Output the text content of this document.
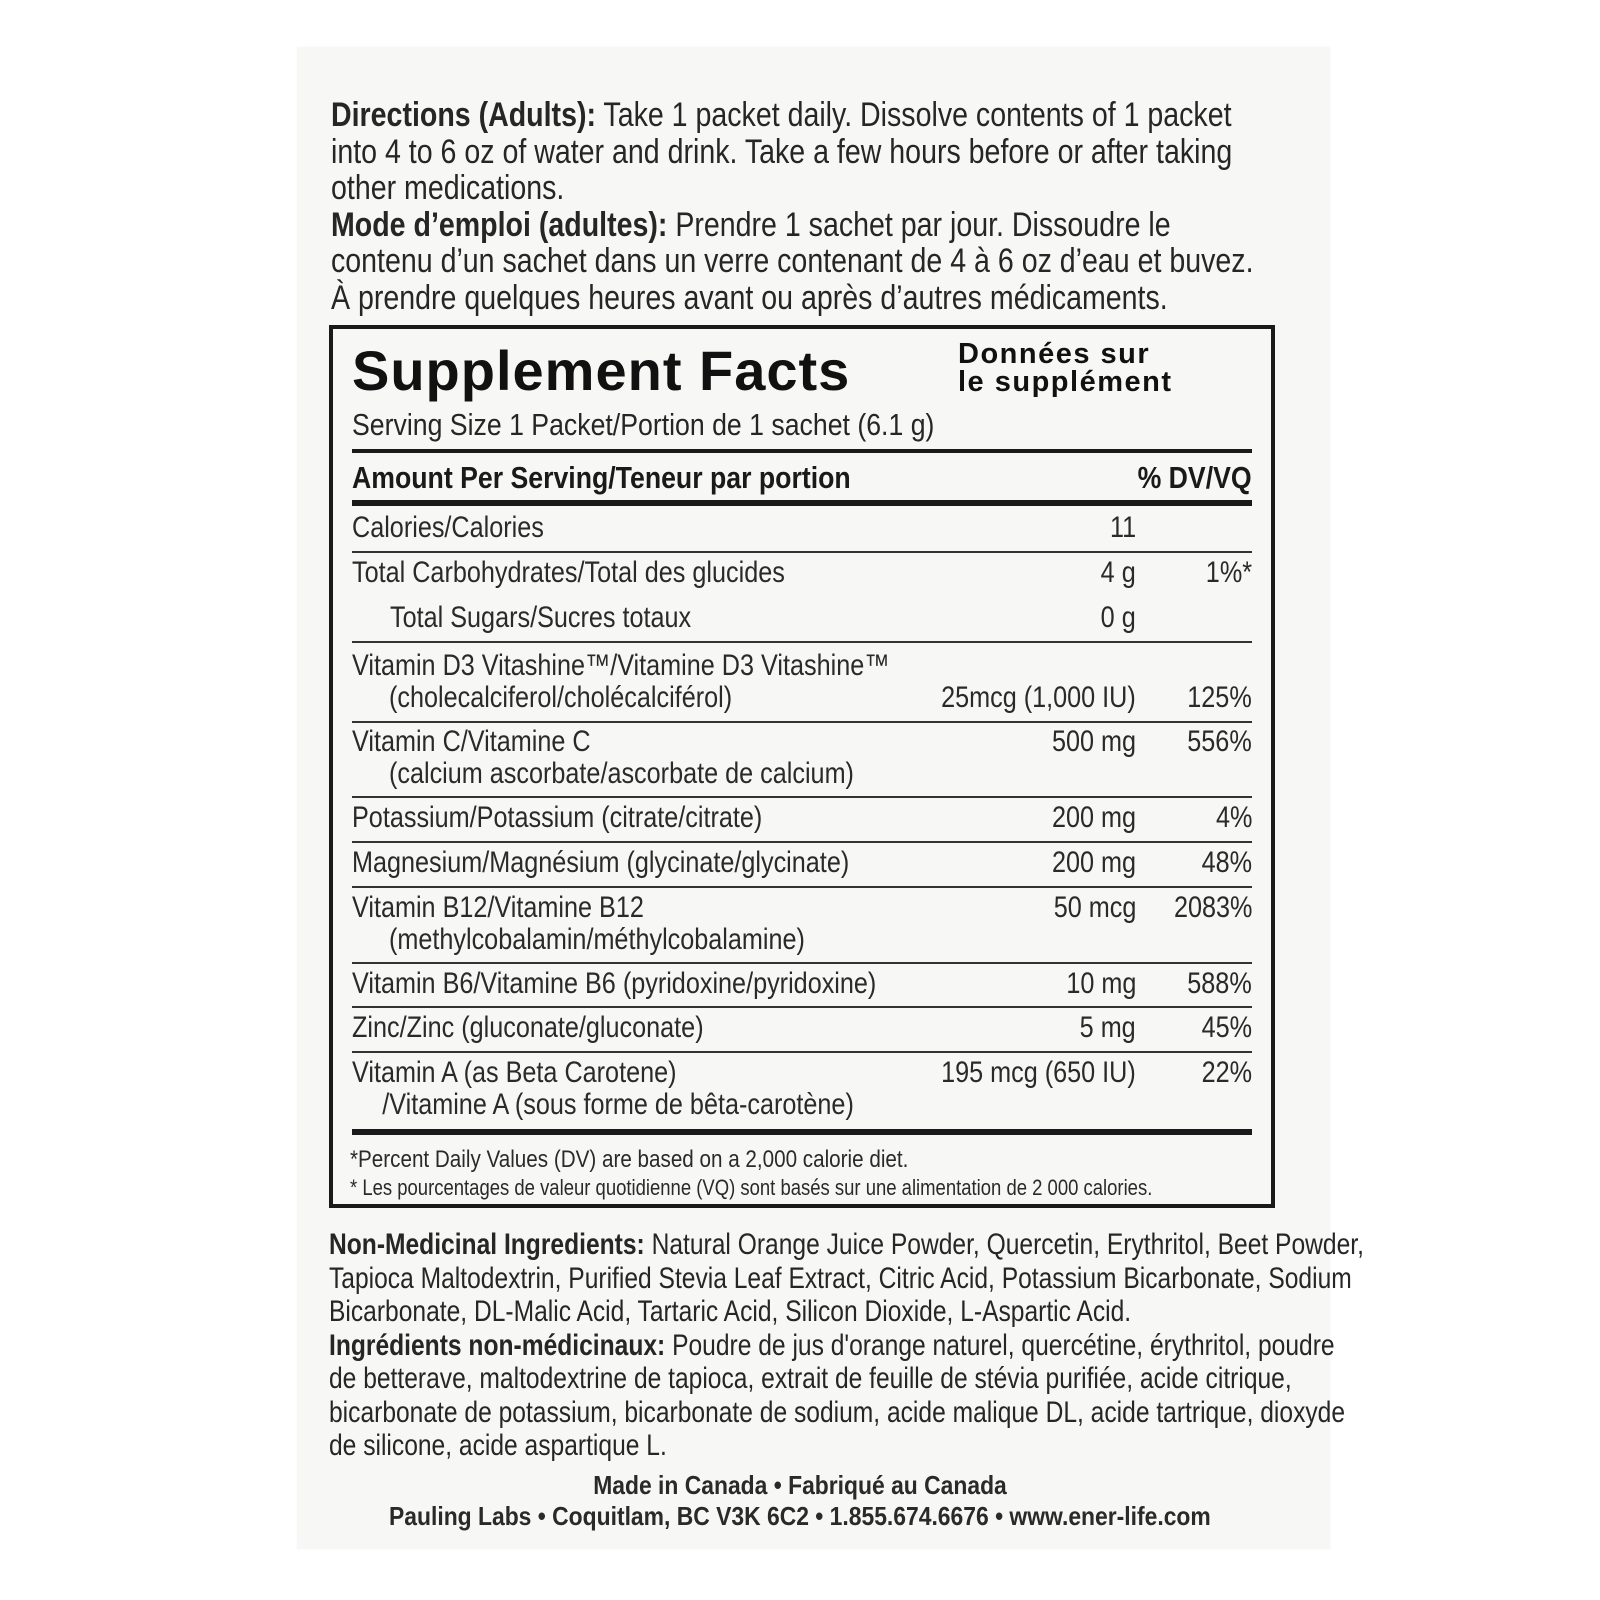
Directions (Adults): Take 1 packet daily. Dissolve contents of 1 packet
into 4 to 6 oz of water and drink. Take a few hours before or after taking
other medications.
Mode d’emploi (adultes): Prendre 1 sachet par jour. Dissoudre le
contenu d’un sachet dans un verre contenant de 4 à 6 oz d’eau et buvez.
À prendre quelques heures avant ou après d’autres médicaments.
Supplement Facts	Données sur
le supplément
Serving Size 1 Packet/Portion de 1 sachet (6.1 g)
Amount Per Serving/Teneur par portion	% DV/VQ
Calories/Calories	11
Total Carbohydrates/Total des glucides	4 g 1%*
Total Sugars/Sucres totaux	0 g
Vitamin D3 Vitashine™/Vitamine D3 Vitashine™
(cholecalciferol/cholécalciférol)	25mcg (1,000 IU) 125%
Vitamin C/Vitamine C
(calcium ascorbate/ascorbate de calcium)
500 mg 556%
Potassium/Potassium (citrate/citrate)	200 mg	4%
Magnesium/Magnésium (glycinate/glycinate)	200 mg 48%
Vitamin B12/Vitamine B12
(methylcobalamin/méthylcobalamine)
50 mcg 2083%
Vitamin B6/Vitamine B6 (pyridoxine/pyridoxine)	10 mg 588%
Zinc/Zinc (gluconate/gluconate)	5 mg 45%
Vitamin A (as Beta Carotene)
/Vitamine A (sous forme de bêta-carotène)
195 mcg (650 IU) 22%
*Percent Daily Values (DV) are based on a 2,000 calorie diet.
* Les pourcentages de valeur quotidienne (VQ) sont basés sur une alimentation de 2 000 calories.
Non-Medicinal Ingredients: Natural Orange Juice Powder, Quercetin, Erythritol, Beet Powder,
Tapioca Maltodextrin, Purified Stevia Leaf Extract, Citric Acid, Potassium Bicarbonate, Sodium
Bicarbonate, DL-Malic Acid, Tartaric Acid, Silicon Dioxide, L-Aspartic Acid.
Ingrédients non-médicinaux: Poudre de jus d'orange naturel, quercétine, érythritol, poudre
de betterave, maltodextrine de tapioca, extrait de feuille de stévia purifiée, acide citrique,
bicarbonate de potassium, bicarbonate de sodium, acide malique DL, acide tartrique, dioxyde
de silicone, acide aspartique L.
Made in Canada • Fabriqué au Canada
Pauling Labs • Coquitlam, BC V3K 6C2 • 1.855.674.6676 • www.ener-life.com
